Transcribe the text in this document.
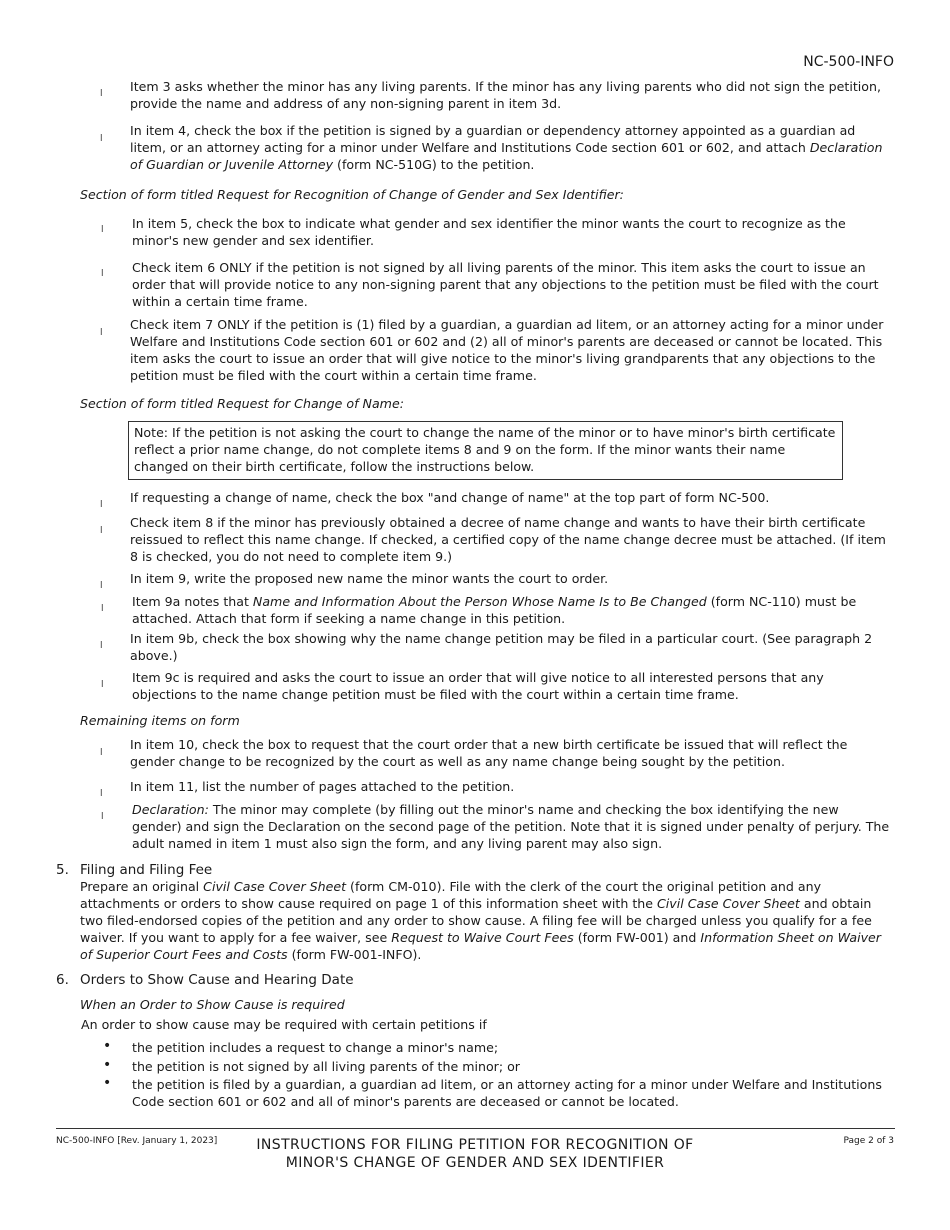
NC-500-INFO
l Item 3 asks whether the minor has any living parents. If the minor has any living parents who did not sign the petition, provide the name and address of any non-signing parent in item 3d.
l
In item 4, check the box if the petition is signed by a guardian or dependency attorney appointed as a guardian ad litem, or an attorney acting for a minor under Welfare and Institutions Code section 601 or 602, and attach Declaration of Guardian or Juvenile Attorney (form NC-510G) to the petition.
Section of form titled Request for Recognition of Change of Gender and Sex Identifier:
l In item 5, check the box to indicate what gender and sex identifier the minor wants the court to recognize as the minor's new gender and sex identifier.
l Check item 6 ONLY if the petition is not signed by all living parents of the minor. This item asks the court to issue an order that will provide notice to any non-signing parent that any objections to the petition must be filed with the court within a certain time frame.
l
Check item 7 ONLY if the petition is (1) filed by a guardian, a guardian ad litem, or an attorney acting for a minor under Welfare and Institutions Code section 601 or 602 and (2) all of minor's parents are deceased or cannot be located. This item asks the court to issue an order that will give notice to the minor's living grandparents that any objections to the petition must be filed with the court within a certain time frame.
Section of form titled Request for Change of Name:
Note: If the petition is not asking the court to change the name of the minor or to have minor's birth certificate reflect a prior name change, do not complete items 8 and 9 on the form. If the minor wants their name changed on their birth certificate, follow the instructions below.
l If requesting a change of name, check the box "and change of name" at the top part of form NC-500.
l
Check item 8 if the minor has previously obtained a decree of name change and wants to have their birth certificate reissued to reflect this name change. If checked, a certified copy of the name change decree must be attached. (If item 8 is checked, you do not need to complete item 9.)
l In item 9, write the proposed new name the minor wants the court to order.
l Item 9a notes that Name and Information About the Person Whose Name Is to Be Changed (form NC-110) must be attached. Attach that form if seeking a name change in this petition.
l In item 9b, check the box showing why the name change petition may be filed in a particular court. (See paragraph 2 above.)
l Item 9c is required and asks the court to issue an order that will give notice to all interested persons that any objections to the name change petition must be filed with the court within a certain time frame.
Remaining items on form
l
In item 10, check the box to request that the court order that a new birth certificate be issued that will reflect the gender change to be recognized by the court as well as any name change being sought by the petition.
l In item 11, list the number of pages attached to the petition.
l Declaration: The minor may complete (by filling out the minor's name and checking the box identifying the new gender) and sign the Declaration on the second page of the petition. Note that it is signed under penalty of perjury. The adult named in item 1 must also sign the form, and any living parent may also sign.
5. Filing and Filing Fee
Prepare an original Civil Case Cover Sheet (form CM-010). File with the clerk of the court the original petition and any attachments or orders to show cause required on page 1 of this information sheet with the Civil Case Cover Sheet and obtain two filed-endorsed copies of the petition and any order to show cause. A filing fee will be charged unless you qualify for a fee waiver. If you want to apply for a fee waiver, see Request to Waive Court Fees (form FW-001) and Information Sheet on Waiver of Superior Court Fees and Costs (form FW-001-INFO).
6. Orders to Show Cause and Hearing Date
When an Order to Show Cause is required
An order to show cause may be required with certain petitions if
• the petition includes a request to change a minor's name;
• the petition is not signed by all living parents of the minor; or
• the petition is filed by a guardian, a guardian ad litem, or an attorney acting for a minor under Welfare and Institutions Code section 601 or 602 and all of minor's parents are deceased or cannot be located.
NC-500-INFO [Rev. January 1, 2023]	INSTRUCTIONS FOR FILING PETITION FOR RECOGNITION OF
MINOR'S CHANGE OF GENDER AND SEX IDENTIFIER
Page 2 of 3
